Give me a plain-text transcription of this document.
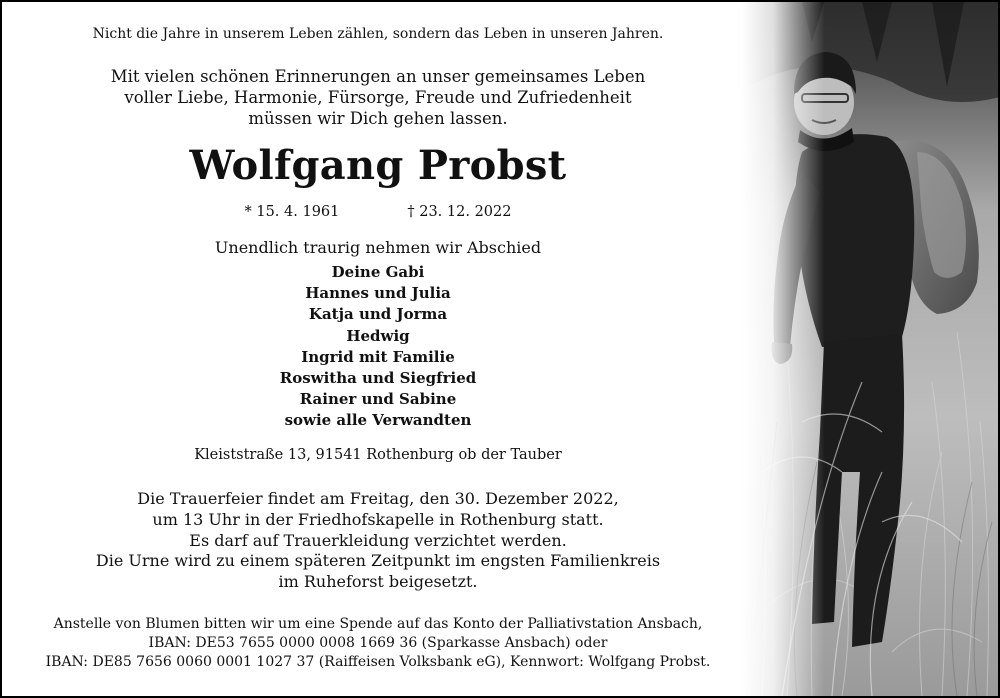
Nicht die Jahre in unserem Leben zählen, sondern das Leben in unseren Jahren.
Mit vielen schönen Erinnerungen an unser gemeinsames Leben
voller Liebe, Harmonie, Fürsorge, Freude und Zufriedenheit
müssen wir Dich gehen lassen.
Wolfgang Probst
* 15. 4. 1961	† 23. 12. 2022
Unendlich traurig nehmen wir Abschied
Deine Gabi
Hannes und Julia
Katja und Jorma
Hedwig
Ingrid mit Familie
Roswitha und Siegfried
Rainer und Sabine
sowie alle Verwandten
Kleiststraße 13, 91541 Rothenburg ob der Tauber
Die Trauerfeier findet am Freitag, den 30. Dezember 2022,
um 13 Uhr in der Friedhofskapelle in Rothenburg statt.
Es darf auf Trauerkleidung verzichtet werden.
Die Urne wird zu einem späteren Zeitpunkt im engsten Familienkreis
im Ruheforst beigesetzt.
Anstelle von Blumen bitten wir um eine Spende auf das Konto der Palliativstation Ansbach,
IBAN: DE53 7655 0000 0008 1669 36 (Sparkasse Ansbach) oder
IBAN: DE85 7656 0060 0001 1027 37 (Raiffeisen Volksbank eG), Kennwort: Wolfgang Probst.
